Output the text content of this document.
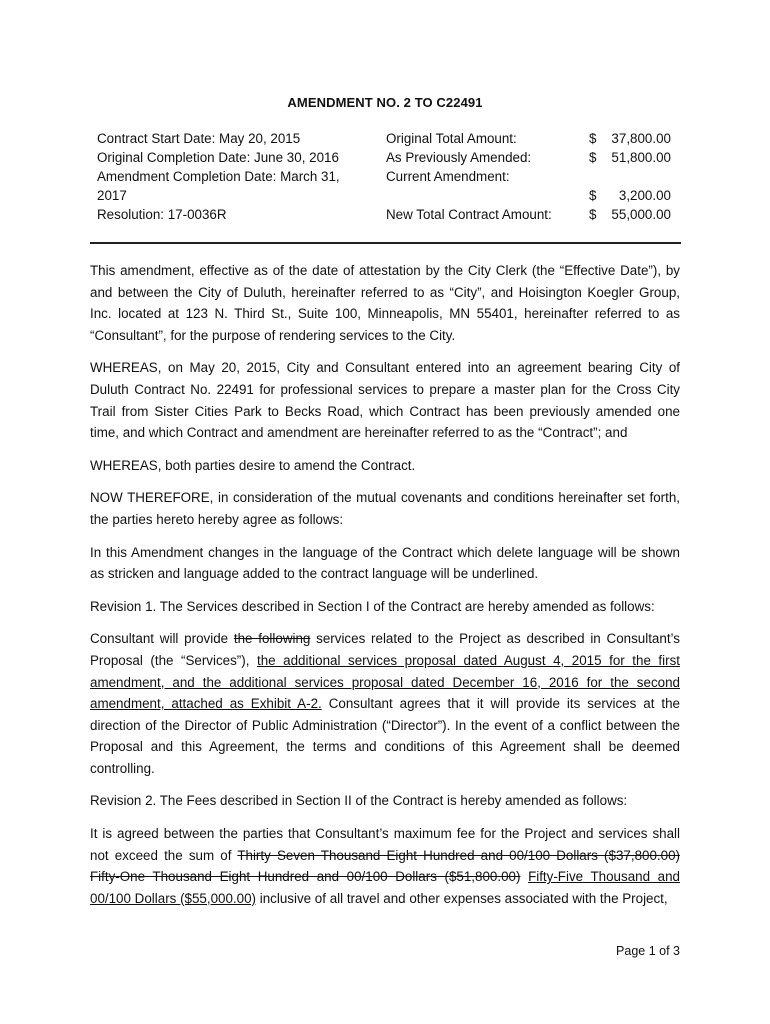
AMENDMENT NO. 2 TO C22491
Contract Start Date: May 20, 2015
Original Completion Date: June 30, 2016
Amendment Completion Date: March 31,
2017
Resolution: 17-0036R
Original Total Amount:
As Previously Amended:
Current Amendment:

New Total Contract Amount:
$ 37,800.00
$ 51,800.00

$ 3,200.00
$ 55,000.00

This amendment, effective as of the date of attestation by the City Clerk (the “Effective Date”), by and between the City of Duluth, hereinafter referred to as “City”, and Hoisington Koegler Group, Inc. located at 123 N. Third St., Suite 100, Minneapolis, MN 55401, hereinafter referred to as “Consultant”, for the purpose of rendering services to the City.

WHEREAS, on May 20, 2015, City and Consultant entered into an agreement bearing City of Duluth Contract No. 22491 for professional services to prepare a master plan for the Cross City Trail from Sister Cities Park to Becks Road, which Contract has been previously amended one time, and which Contract and amendment are hereinafter referred to as the “Contract”; and

WHEREAS, both parties desire to amend the Contract.

NOW THEREFORE, in consideration of the mutual covenants and conditions hereinafter set forth, the parties hereto hereby agree as follows:

In this Amendment changes in the language of the Contract which delete language will be shown as stricken and language added to the contract language will be underlined.

Revision 1. The Services described in Section I of the Contract are hereby amended as follows:

Consultant will provide the following services related to the Project as described in Consultant’s Proposal (the “Services”), the additional services proposal dated August 4, 2015 for the first amendment, and the additional services proposal dated December 16, 2016 for the second amendment, attached as Exhibit A-2. Consultant agrees that it will provide its services at the direction of the Director of Public Administration (“Director”). In the event of a conflict between the Proposal and this Agreement, the terms and conditions of this Agreement shall be deemed controlling.

Revision 2. The Fees described in Section II of the Contract is hereby amended as follows:

It is agreed between the parties that Consultant’s maximum fee for the Project and services shall not exceed the sum of Thirty Seven Thousand Eight Hundred and 00/100 Dollars ($37,800.00) Fifty-One Thousand Eight Hundred and 00/100 Dollars ($51,800.00) Fifty-Five Thousand and 00/100 Dollars ($55,000.00) inclusive of all travel and other expenses associated with the Project,

Page 1 of 3
